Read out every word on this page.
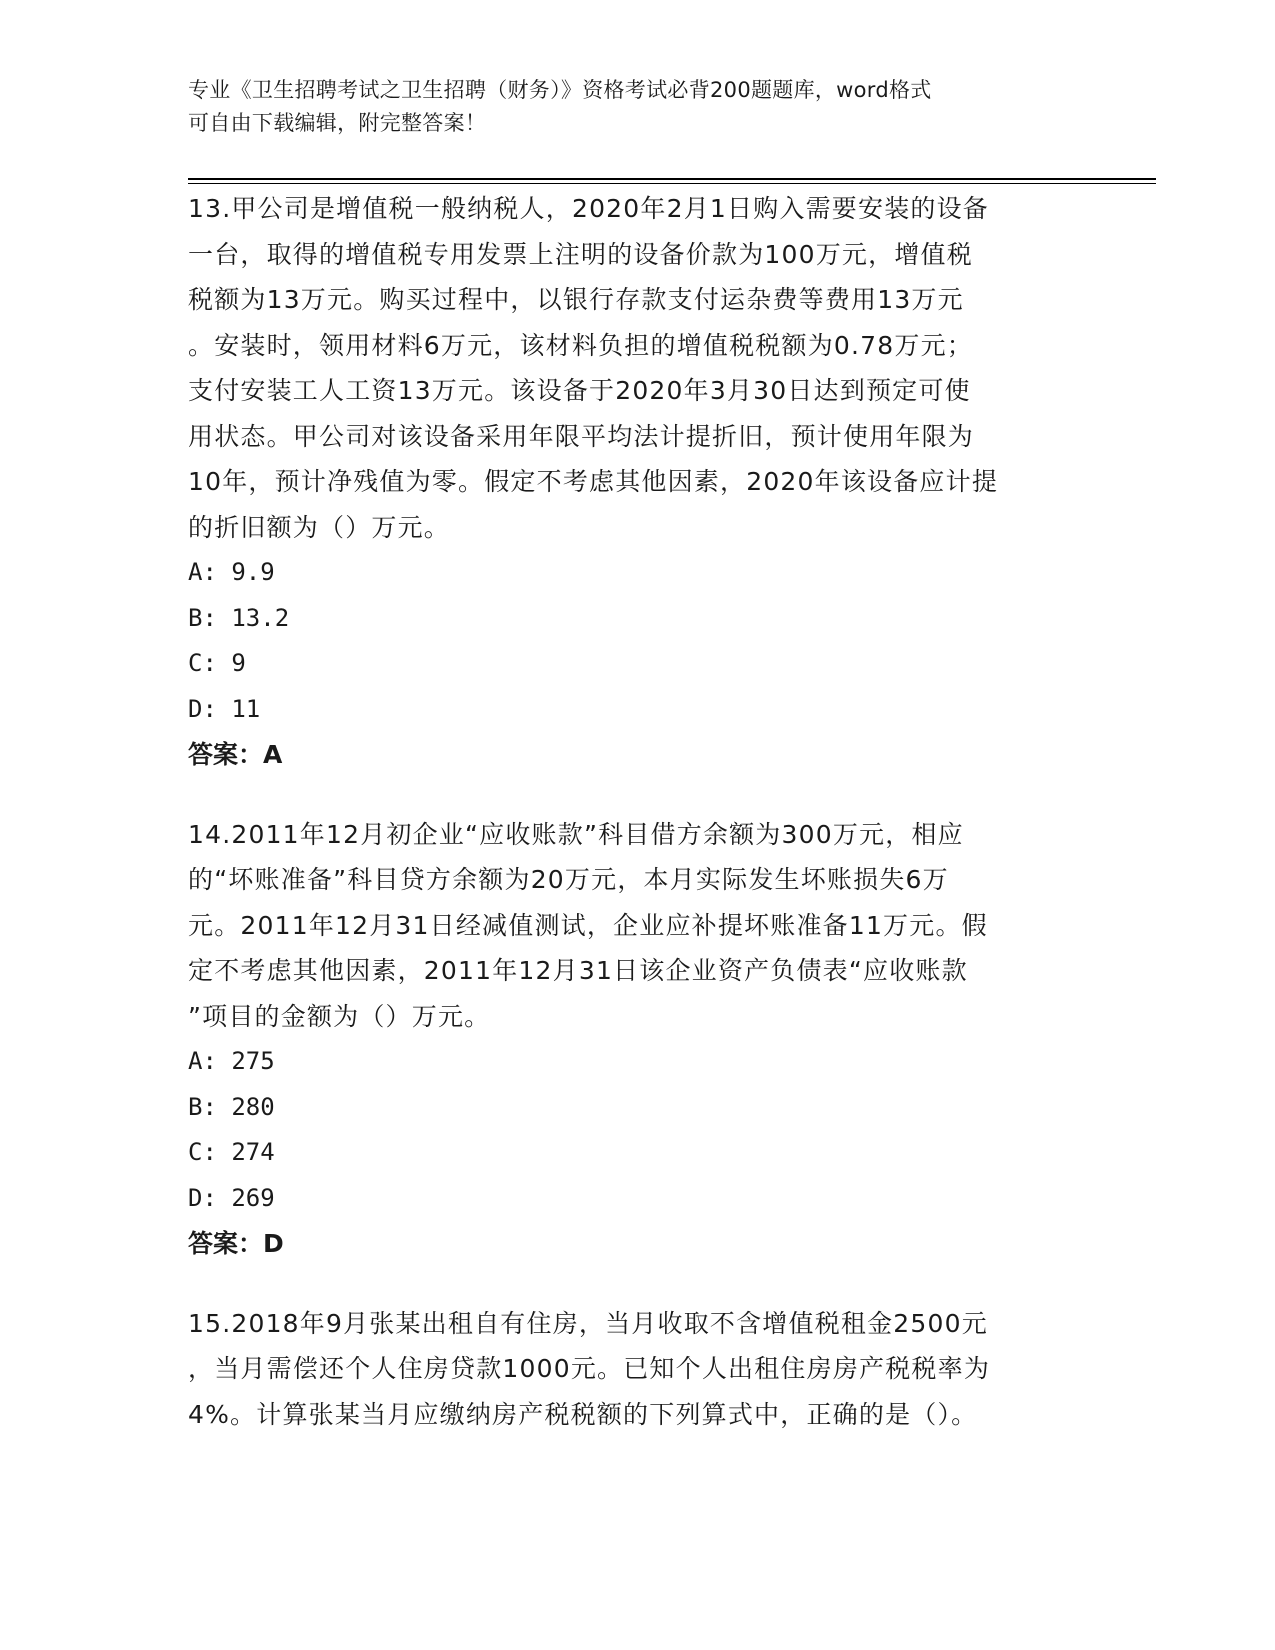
专业《卫生招聘考试之卫生招聘（财务）》资格考试必背200题题库，word格式
可自由下载编辑，附完整答案！
13.甲公司是增值税一般纳税人，2020年2月1日购入需要安装的设备
一台，取得的增值税专用发票上注明的设备价款为100万元，增值税
税额为13万元。购买过程中，以银行存款支付运杂费等费用13万元
。安装时，领用材料6万元，该材料负担的增值税税额为0.78万元；
支付安装工人工资13万元。该设备于2020年3月30日达到预定可使
用状态。甲公司对该设备采用年限平均法计提折旧，预计使用年限为
10年，预计净残值为零。假定不考虑其他因素，2020年该设备应计提
的折旧额为（）万元。
A: 9.9
B: 13.2
C: 9
D: 11
答案：A
14.2011年12月初企业“应收账款”科目借方余额为300万元，相应
的“坏账准备”科目贷方余额为20万元，本月实际发生坏账损失6万
元。2011年12月31日经减值测试，企业应补提坏账准备11万元。假
定不考虑其他因素，2011年12月31日该企业资产负债表“应收账款
”项目的金额为（）万元。
A: 275
B: 280
C: 274
D: 269
答案：D
15.2018年9月张某出租自有住房，当月收取不含增值税租金2500元
，当月需偿还个人住房贷款1000元。已知个人出租住房房产税税率为
4%。计算张某当月应缴纳房产税税额的下列算式中，正确的是（）。
